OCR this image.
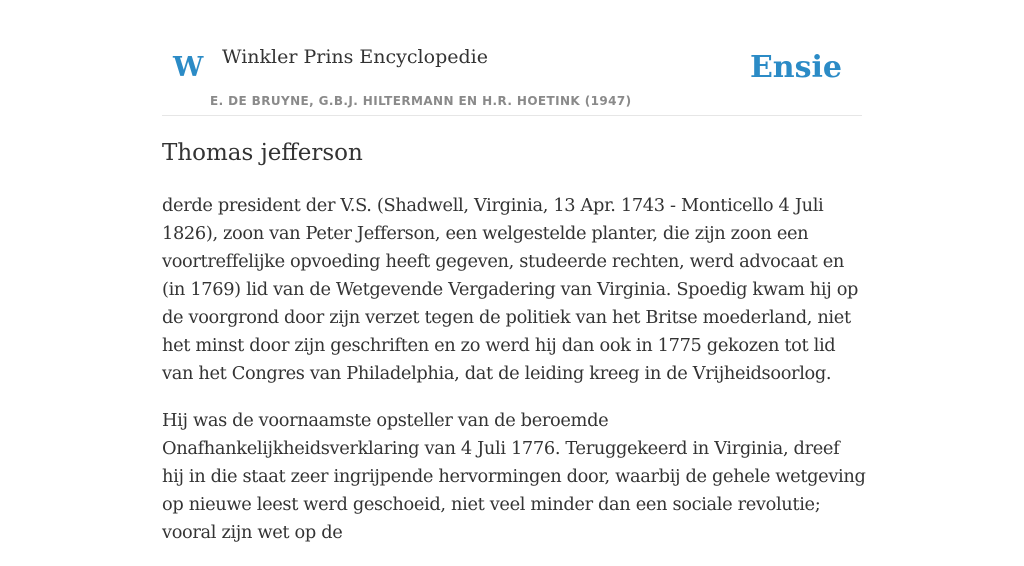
W Winkler Prins Encyclopedie
E. DE BRUYNE, G.B.J. HILTERMANN EN H.R. HOETINK (1947)
Ensie
Thomas jefferson

derde president der V.S. (Shadwell, Virginia, 13 Apr. 1743 - Monticello 4 Juli 1826), zoon van Peter Jefferson, een welgestelde planter, die zijn zoon een voortreffelijke opvoeding heeft gegeven, studeerde rechten, werd advocaat en (in 1769) lid van de Wetgevende Vergadering van Virginia. Spoedig kwam hij op de voorgrond door zijn verzet tegen de politiek van het Britse moederland, niet het minst door zijn geschriften en zo werd hij dan ook in 1775 gekozen tot lid van het Congres van Philadelphia, dat de leiding kreeg in de Vrijheidsoorlog.

Hij was de voornaamste opsteller van de beroemde Onafhankelijkheidsverklaring van 4 Juli 1776. Teruggekeerd in Virginia, dreef hij in die staat zeer ingrijpende hervormingen door, waarbij de gehele wetgeving op nieuwe leest werd geschoeid, niet veel minder dan een sociale revolutie; vooral zijn wet op de
